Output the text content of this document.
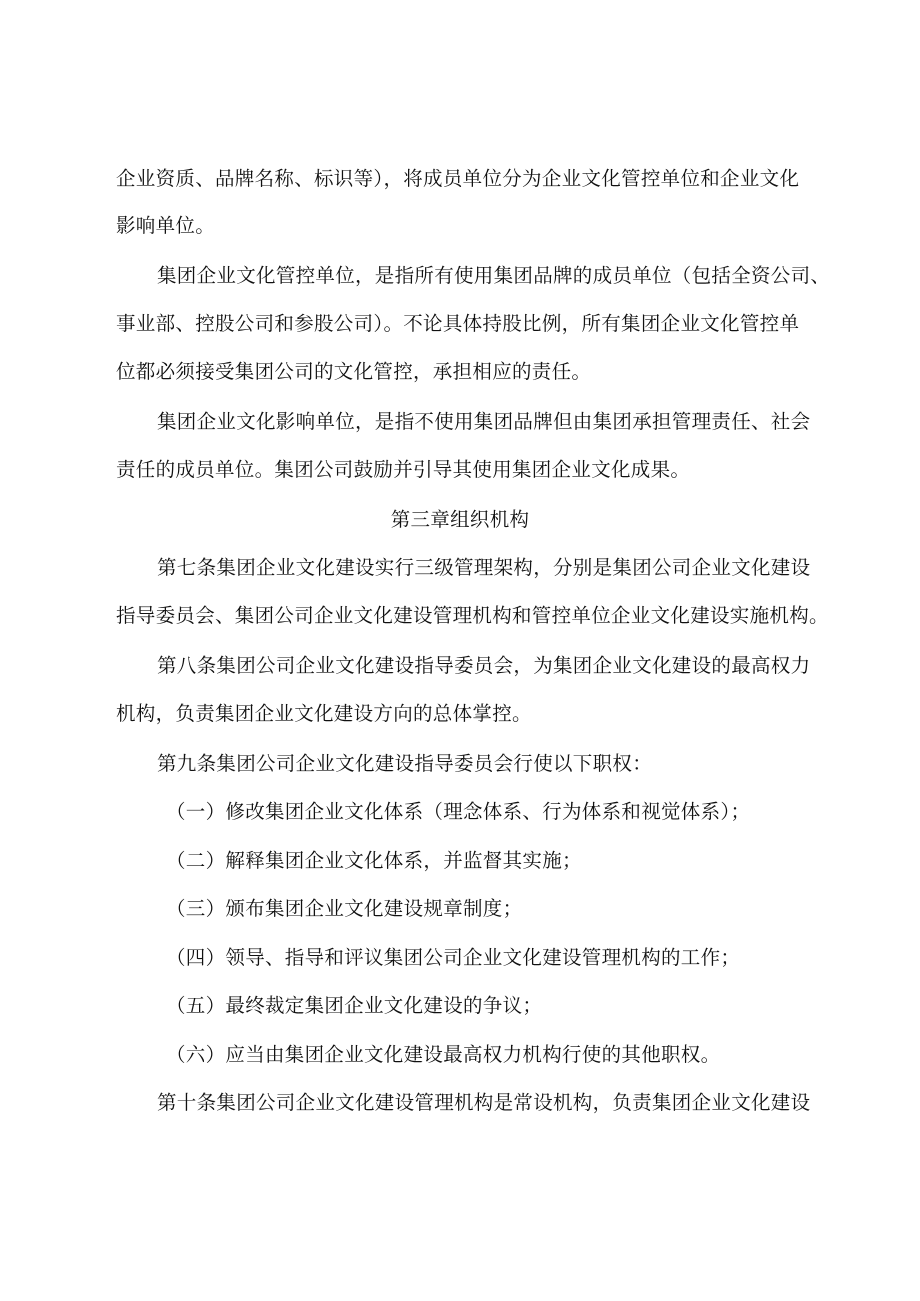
企业资质、品牌名称、标识等），将成员单位分为企业文化管控单位和企业文化
影响单位。
集团企业文化管控单位，是指所有使用集团品牌的成员单位（包括全资公司、
事业部、控股公司和参股公司）。不论具体持股比例，所有集团企业文化管控单
位都必须接受集团公司的文化管控，承担相应的责任。
集团企业文化影响单位，是指不使用集团品牌但由集团承担管理责任、社会
责任的成员单位。集团公司鼓励并引导其使用集团企业文化成果。
第三章组织机构
第七条集团企业文化建设实行三级管理架构，分别是集团公司企业文化建设
指导委员会、集团公司企业文化建设管理机构和管控单位企业文化建设实施机构。
第八条集团公司企业文化建设指导委员会，为集团企业文化建设的最高权力
机构，负责集团企业文化建设方向的总体掌控。
第九条集团公司企业文化建设指导委员会行使以下职权：
（一）修改集团企业文化体系（理念体系、行为体系和视觉体系）；
（二）解释集团企业文化体系，并监督其实施；
（三）颁布集团企业文化建设规章制度；
（四）领导、指导和评议集团公司企业文化建设管理机构的工作；
（五）最终裁定集团企业文化建设的争议；
（六）应当由集团企业文化建设最高权力机构行使的其他职权。
第十条集团公司企业文化建设管理机构是常设机构，负责集团企业文化建设
